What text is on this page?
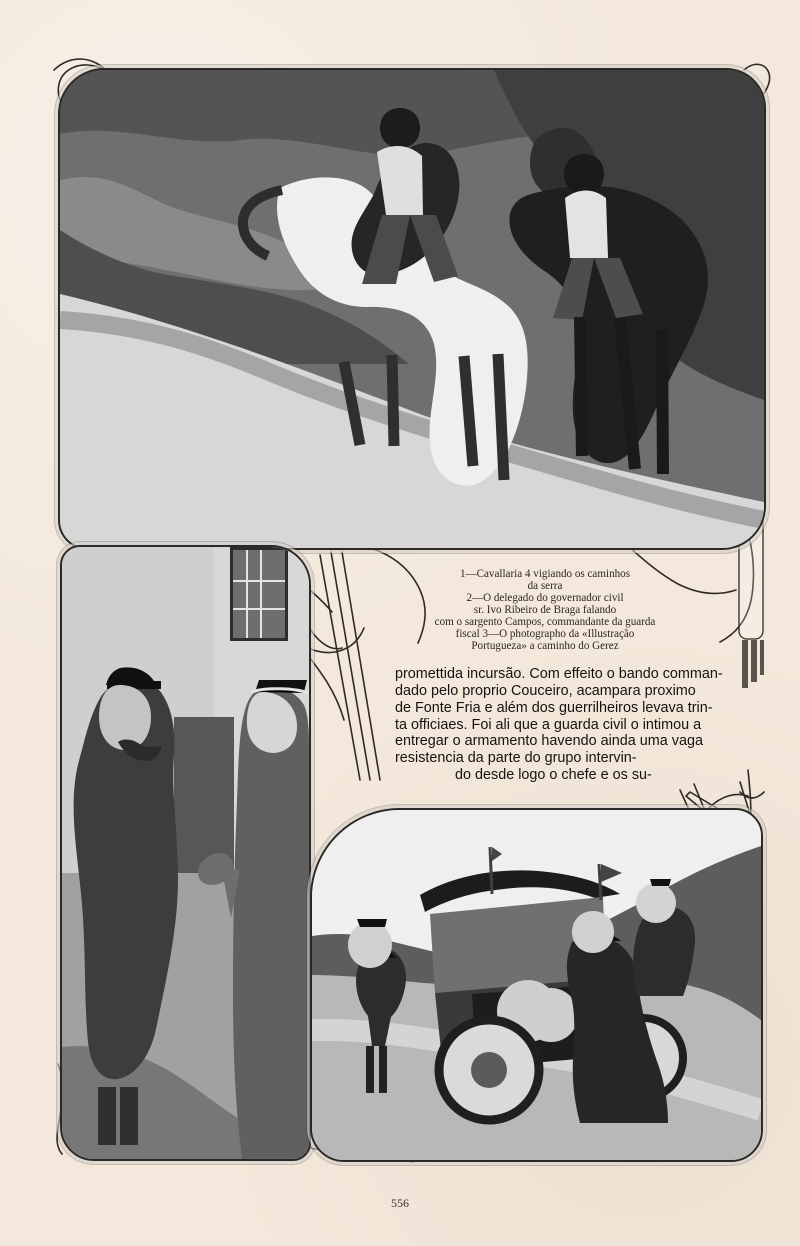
1—Cavallaria 4 vigiando os caminhos
da serra
2—O delegado do governador civil
sr. Ivo Ribeiro de Braga falando
com o sargento Campos, commandante da guarda
fiscal 3—O photographo da «Illustração
Portugueza» a caminho do Gerez
promettida incursão. Com effeito o bando comman-
dado pelo proprio Couceiro, acampara proximo
de Fonte Fria e além dos guerrilheiros levava trin-
ta officiaes. Foi ali que a guarda civil o intimou a
entregar o armamento havendo ainda uma vaga
resistencia da parte do grupo intervin-
do desde logo o chefe e os su-
556
